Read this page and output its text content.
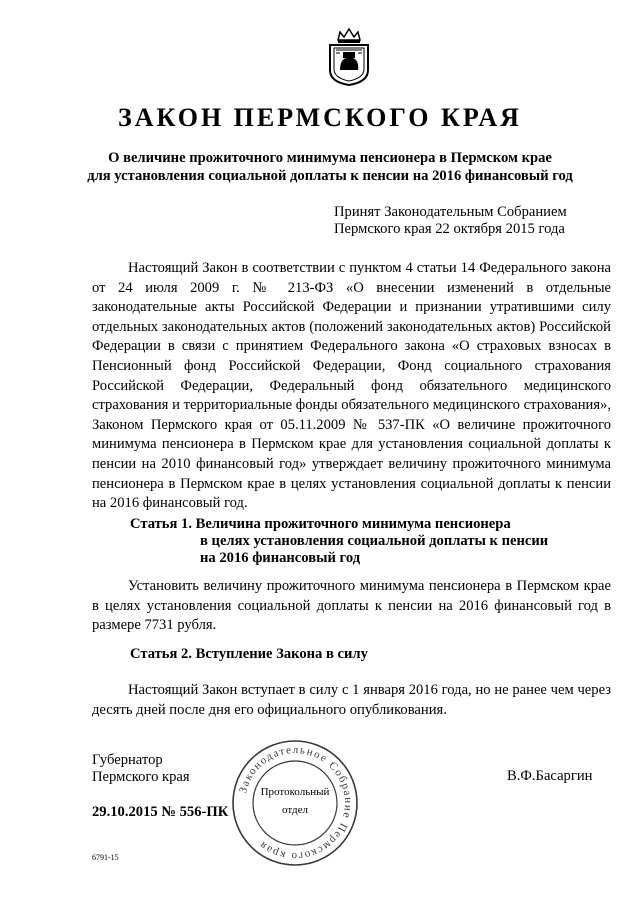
ЗАКОН ПЕРМСКОГО КРАЯ
О величине прожиточного минимума пенсионера в Пермском крае
для установления социальной доплаты к пенсии на 2016 финансовый год
Принят Законодательным Собранием
Пермского края 22 октября 2015 года
Настоящий Закон в соответствии с пунктом 4 статьи 14 Федерального закона от 24 июля 2009 г. № 213-ФЗ «О внесении изменений в отдельные законодательные акты Российской Федерации и признании утратившими силу отдельных законодательных актов (положений законодательных актов) Российской Федерации в связи с принятием Федерального закона «О страховых взносах в Пенсионный фонд Российской Федерации, Фонд социального страхования Российской Федерации, Федеральный фонд обязательного медицинского страхования и территориальные фонды обязательного медицинского страхования», Законом Пермского края от 05.11.2009 № 537-ПК «О величине прожиточного минимума пенсионера в Пермском крае для установления социальной доплаты к пенсии на 2010 финансовый год» утверждает величину прожиточного минимума пенсионера в Пермском крае в целях установления социальной доплаты к пенсии на 2016 финансовый год.
Статья 1. Величина прожиточного минимума пенсионера
в целях установления социальной доплаты к пенсии
на 2016 финансовый год
Установить величину прожиточного минимума пенсионера в Пермском крае в целях установления социальной доплаты к пенсии на 2016 финансовый год в размере 7731 рубля.
Статья 2. Вступление Закона в силу
Настоящий Закон вступает в силу с 1 января 2016 года, но не ранее чем через десять дней после дня его официального опубликования.
Губернатор
Пермского края	В.Ф.Басаргин
29.10.2015 № 556-ПК
6791-15
Законодательное Собрание Пермского края
Протокольный
отдел
